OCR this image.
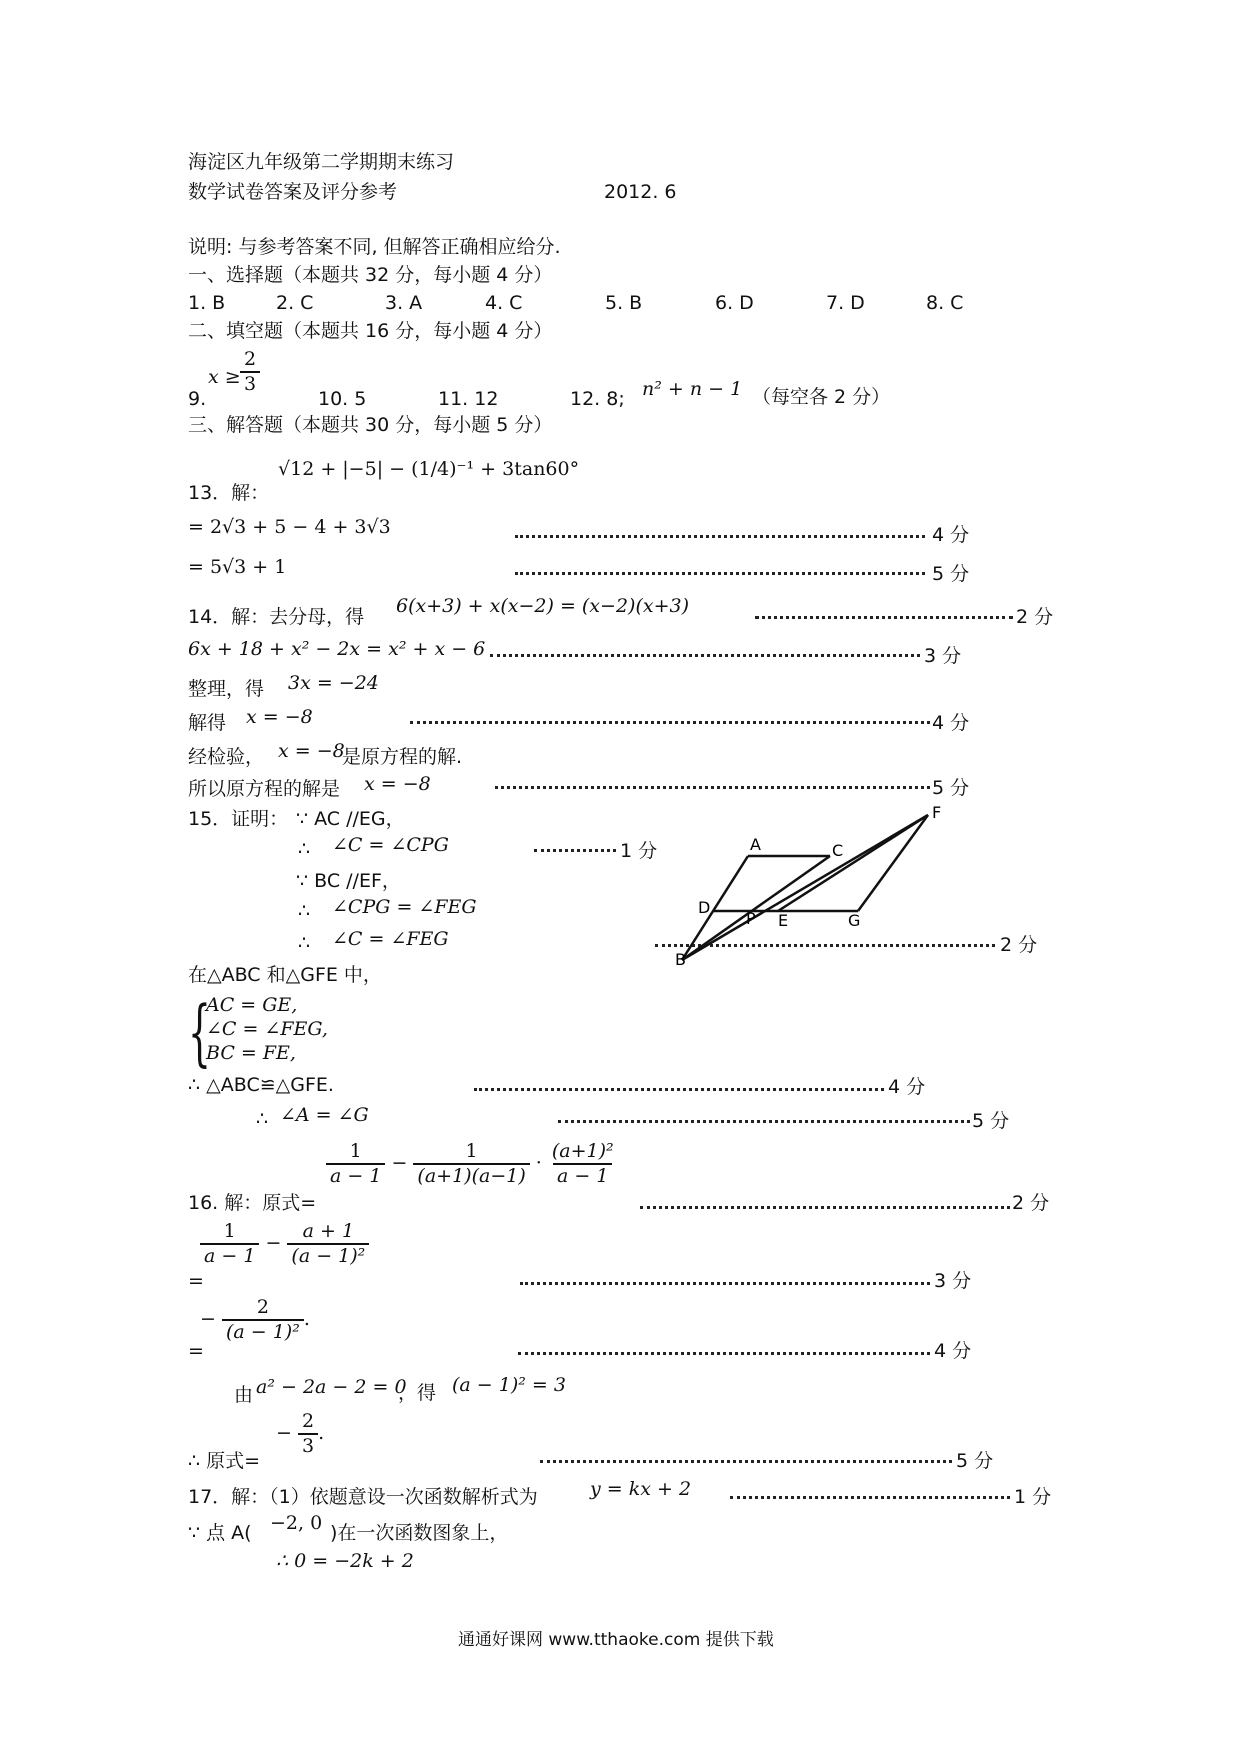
海淀区九年级第二学期期末练习
数学试卷答案及评分参考	2012. 6
说明: 与参考答案不同, 但解答正确相应给分.
一、选择题（本题共 32 分，每小题 4 分）
1. B	2. C	3. A	4. C	5. B	6. D	7. D	8. C
二、填空题（本题共 16 分，每小题 4 分）
9.
$x \ge \frac{2}{3}$
10. 5	11. 12	12. 8; n² + n − 1 （每空各 2 分）
三、解答题（本题共 30 分，每小题 5 分）
√12 + |−5| − (1/4)⁻¹ + 3tan60°
13．解：
= 2√3 + 5 − 4 + 3√3	4 分
= 5√3 + 1	5 分
14．解：去分母，得 6(x+3) + x(x−2) = (x−2)(x+3)	2 分
6x + 18 + x² − 2x = x² + x − 6	3 分
整理，得 3x = −24
解得 x = −8	4 分
经检验， x = −8
是原方程的解.
所以原方程的解是 x = −8	5 分
15．证明： ∵ AC //EG，
∴ ∠C = ∠CPG	1 分
∵ BC //EF，
∴ ∠CPG = ∠FEG
∴ ∠C = ∠FEG	2 分
A	C
F
D
P E	G
B
在△ABC 和△GFE 中，
{
AC = GE,
∠C = ∠FEG,
BC = FE,
∴ △ABC≌△GFE.	4 分
∴ ∠A = ∠G	5 分
$\frac{1}{a - 1} - \frac{1}{(a+1)(a-1)} \cdot \frac{\text{(a+1)²}}{a - 1}$
16. 解：原式=	2 分
=
$\frac{1}{a - 1} - \frac{a + 1}{\text{(a − 1)²}}$
3 分
=
− $\frac{2}{\text{(a − 1)²}}$ .
4 分
由 a² − 2a − 2 = 0
，得 (a − 1)² = 3
∴ 原式=
− $\frac{2}{3}$ .
5 分
17．解：（1）依题意设一次函数解析式为	y = kx + 2	1 分
∵ 点 A( −2, 0 )在一次函数图象上，
∴ 0 = −2k + 2
通通好课网 www.tthaoke.com 提供下载
